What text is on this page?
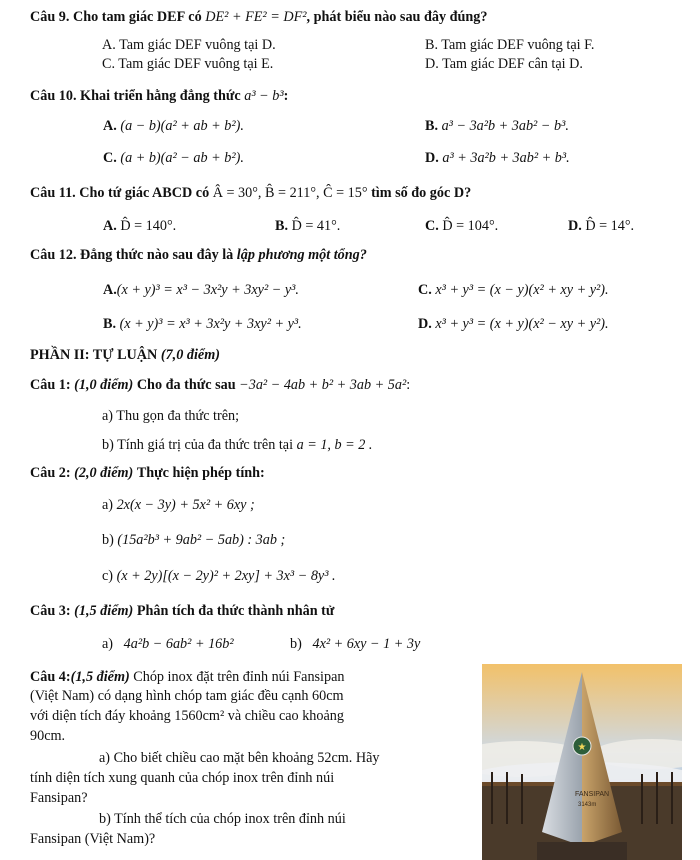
Câu 9. Cho tam giác DEF có DE² + FE² = DF², phát biểu nào sau đây đúng?
A. Tam giác DEF vuông tại D.	B. Tam giác DEF vuông tại F.
C. Tam giác DEF vuông tại E.	D. Tam giác DEF cân tại D.
Câu 10. Khai triển hằng đẳng thức a³ − b³:
A. (a − b)(a² + ab + b²).	B. a³ − 3a²b + 3ab² − b³.
C. (a + b)(a² − ab + b²).	D. a³ + 3a²b + 3ab² + b³.
Câu 11. Cho tứ giác ABCD có Â = 30°, B̂ = 211°, Ĉ = 15° tìm số đo góc D?
A. D̂ = 140°.	B. D̂ = 41°.	C. D̂ = 104°.	D. D̂ = 14°.
Câu 12. Đẳng thức nào sau đây là lập phương một tổng?
A.(x + y)³ = x³ − 3x²y + 3xy² − y³.	C. x³ + y³ = (x − y)(x² + xy + y²).
B. (x + y)³ = x³ + 3x²y + 3xy² + y³.	D. x³ + y³ = (x + y)(x² − xy + y²).
PHẦN II: TỰ LUẬN (7,0 điểm)
Câu 1: (1,0 điểm) Cho đa thức sau −3a² − 4ab + b² + 3ab + 5a²:
a) Thu gọn đa thức trên;
b) Tính giá trị của đa thức trên tại a = 1, b = 2 .
Câu 2: (2,0 điểm) Thực hiện phép tính:
a) 2x(x − 3y) + 5x² + 6xy ;
b) (15a²b³ + 9ab² − 5ab) : 3ab ;
c) (x + 2y)[(x − 2y)² + 2xy] + 3x³ − 8y³ .
Câu 3: (1,5 điểm) Phân tích đa thức thành nhân tử
a) 4a²b − 6ab² + 16b²	b) 4x² + 6xy − 1 + 3y
Câu 4:(1,5 điểm) Chóp inox đặt trên đỉnh núi Fansipan
(Việt Nam) có dạng hình chóp tam giác đều cạnh 60cm
với diện tích đáy khoảng 1560cm² và chiều cao khoảng
90cm.
a) Cho biết chiều cao mặt bên khoảng 52cm. Hãy
tính diện tích xung quanh của chóp inox trên đỉnh núi
Fansipan?
b) Tính thể tích của chóp inox trên đỉnh núi
Fansipan (Việt Nam)?
★
FANSIPAN
3143m
